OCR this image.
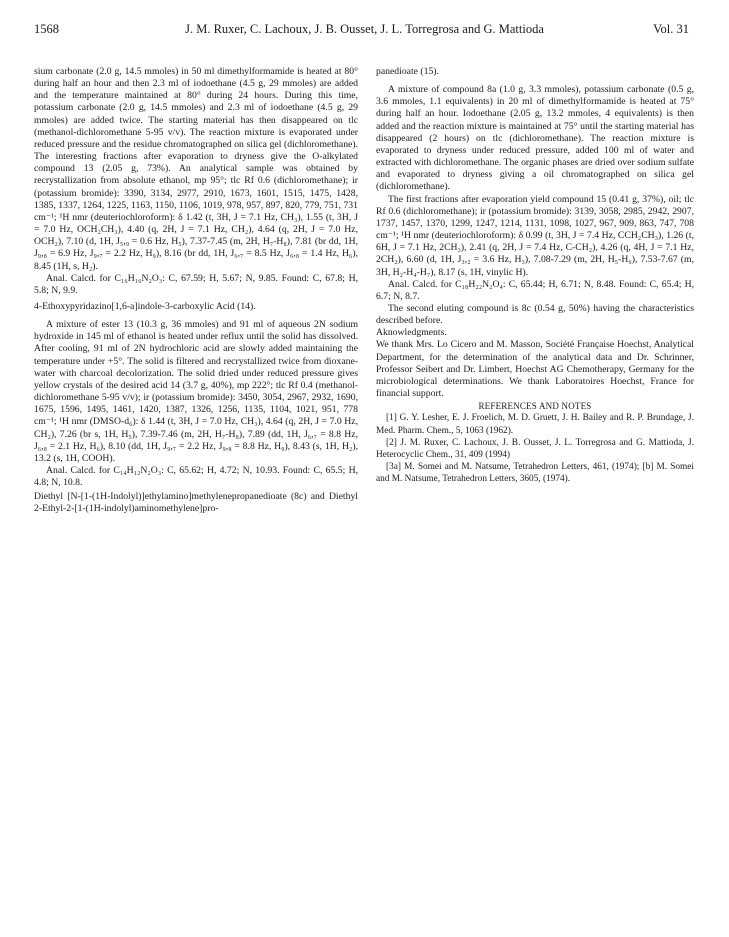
1568	J. M. Ruxer, C. Lachoux, J. B. Ousset, J. L. Torregrosa and G. Mattioda	Vol. 31

sium carbonate (2.0 g, 14.5 mmoles) in 50 ml dimethylformamide is heated at 80° during half an hour and then 2.3 ml of iodoethane (4.5 g, 29 mmoles) are added and the temperature maintained at 80° during 24 hours. During this time, potassium carbonate (2.0 g, 14.5 mmoles) and 2.3 ml of iodoethane (4.5 g, 29 mmoles) are added twice. The starting material has then disappeared on tlc (methanol-dichloromethane 5-95 v/v). The reaction mixture is evaporated under reduced pressure and the residue chromatographed on silica gel (dichloromethane). The interesting fractions after evaporation to dryness give the O-alkylated compound 13 (2.05 g, 73%). An analytical sample was obtained by recrystallization from absolute ethanol, mp 95°; tlc Rf 0.6 (dichloromethane); ir (potassium bromide): 3390, 3134, 2977, 2910, 1673, 1601, 1515, 1475, 1428, 1385, 1337, 1264, 1225, 1163, 1150, 1106, 1019, 978, 957, 897, 820, 779, 751, 731 cm⁻¹; ¹H nmr (deuteriochloroform): δ 1.42 (t, 3H, J = 7.1 Hz, CH₃), 1.55 (t, 3H, J = 7.0 Hz, OCH₂CH₃), 4.40 (q, 2H, J = 7.1 Hz, CH₂), 4.64 (q, 2H, J = 7.0 Hz, OCH₂), 7.10 (d, 1H, J₅,₉ = 0.6 Hz, H₅), 7.37-7.45 (m, 2H, H₇-H₈), 7.81 (br dd, 1H, J₉,₈ = 6.9 Hz, J₉,₇ = 2.2 Hz, H₉), 8.16 (br dd, 1H, J₆,₇ = 8.5 Hz, J₆,₈ = 1.4 Hz, H₆), 8.45 (1H, s, H₂).

Anal. Calcd. for C₁₆H₁₆N₂O₃: C, 67.59; H, 5.67; N, 9.85. Found: C, 67.8; H, 5.8; N, 9.9.

4-Ethoxypyridazino[1,6-a]indole-3-carboxylic Acid (14).

A mixture of ester 13 (10.3 g, 36 mmoles) and 91 ml of aqueous 2N sodium hydroxide in 145 ml of ethanol is heated under reflux until the solid has dissolved. After cooling, 91 ml of 2N hydrochloric acid are slowly added maintaining the temperature under +5°. The solid is filtered and recrystallized twice from dioxane-water with charcoal decolorization. The solid dried under reduced pressure gives yellow crystals of the desired acid 14 (3.7 g, 40%), mp 222°; tlc Rf 0.4 (methanol-dichloromethane 5-95 v/v); ir (potassium bromide): 3450, 3054, 2967, 2932, 1690, 1675, 1596, 1495, 1461, 1420, 1387, 1326, 1256, 1135, 1104, 1021, 951, 778 cm⁻¹; ¹H nmr (DMSO-d₆): δ 1.44 (t, 3H, J = 7.0 Hz, CH₃), 4.64 (q, 2H, J = 7.0 Hz, CH₂), 7.26 (br s, 1H, H₅), 7.39-7.46 (m, 2H, H₇-H₈), 7.89 (dd, 1H, J₆,₇ = 8.8 Hz, J₆,₈ = 2.1 Hz, H₆), 8.10 (dd, 1H, J₉,₇ = 2.2 Hz, J₉,₈ = 8.8 Hz, H₉), 8.43 (s, 1H, H₂), 13.2 (s, 1H, COOH).

Anal. Calcd. for C₁₄H₁₂N₂O₃: C, 65.62; H, 4.72; N, 10.93. Found: C, 65.5; H, 4.8; N, 10.8.

Diethyl [N-[1-(1H-Indolyl)]ethylamino]methylenepropanedioate (8c) and Diethyl 2-Ethyl-2-[1-(1H-indolyl)aminomethylene]pro-

panedioate (15).

A mixture of compound 8a (1.0 g, 3.3 mmoles), potassium carbonate (0.5 g, 3.6 mmoles, 1.1 equivalents) in 20 ml of dimethylformamide is heated at 75° during half an hour. Iodoethane (2.05 g, 13.2 mmoles, 4 equivalents) is then added and the reaction mixture is maintained at 75° until the starting material has disappeared (2 hours) on tlc (dichloromethane). The reaction mixture is evaporated to dryness under reduced pressure, added 100 ml of water and extracted with dichloromethane. The organic phases are dried over sodium sulfate and evaporated to dryness giving a oil chromatographed on silica gel (dichloromethane).

The first fractions after evaporation yield compound 15 (0.41 g, 37%), oil; tlc Rf 0.6 (dichloromethane); ir (potassium bromide): 3139, 3058, 2985, 2942, 2907, 1737, 1457, 1370, 1299, 1247, 1214, 1131, 1098, 1027, 967, 909, 863, 747, 708 cm⁻¹; ¹H nmr (deuteriochloroform): δ 0.99 (t, 3H, J = 7.4 Hz, CCH₂CH₃), 1.26 (t, 6H, J = 7.1 Hz, 2CH₃), 2.41 (q, 2H, J = 7.4 Hz, C-CH₂), 4.26 (q, 4H, J = 7.1 Hz, 2CH₂), 6.60 (d, 1H, J₃,₂ = 3.6 Hz, H₃), 7.08-7.29 (m, 2H, H₅-H₆), 7.53-7.67 (m, 3H, H₂-H₄-H₇), 8.17 (s, 1H, vinylic H).

Anal. Calcd. for C₁₈H₂₂N₂O₄: C, 65.44; H, 6.71; N, 8.48. Found: C, 65.4; H, 6.7; N, 8.7.

The second eluting compound is 8c (0.54 g, 50%) having the characteristics described before.

Aknowledgments.

We thank Mrs. Lo Cicero and M. Masson, Société Française Hoechst, Analytical Department, for the determination of the analytical data and Dr. Schrinner, Professor Seibert and Dr. Limbert, Hoechst AG Chemotherapy, Germany for the microbiological determinations. We thank Laboratoires Hoechst, France for financial support.

REFERENCES AND NOTES

[1] G. Y. Lesher, E. J. Froelich, M. D. Gruett, J. H. Bailey and R. P. Brundage, J. Med. Pharm. Chem., 5, 1063 (1962).

[2] J. M. Ruxer, C. Lachoux, J. B. Ousset, J. L. Torregrosa and G. Mattioda, J. Heterocyclic Chem., 31, 409 (1994)

[3a] M. Somei and M. Natsume, Tetrahedron Letters, 461, (1974); [b] M. Somei and M. Natsume, Tetrahedron Letters, 3605, (1974).
